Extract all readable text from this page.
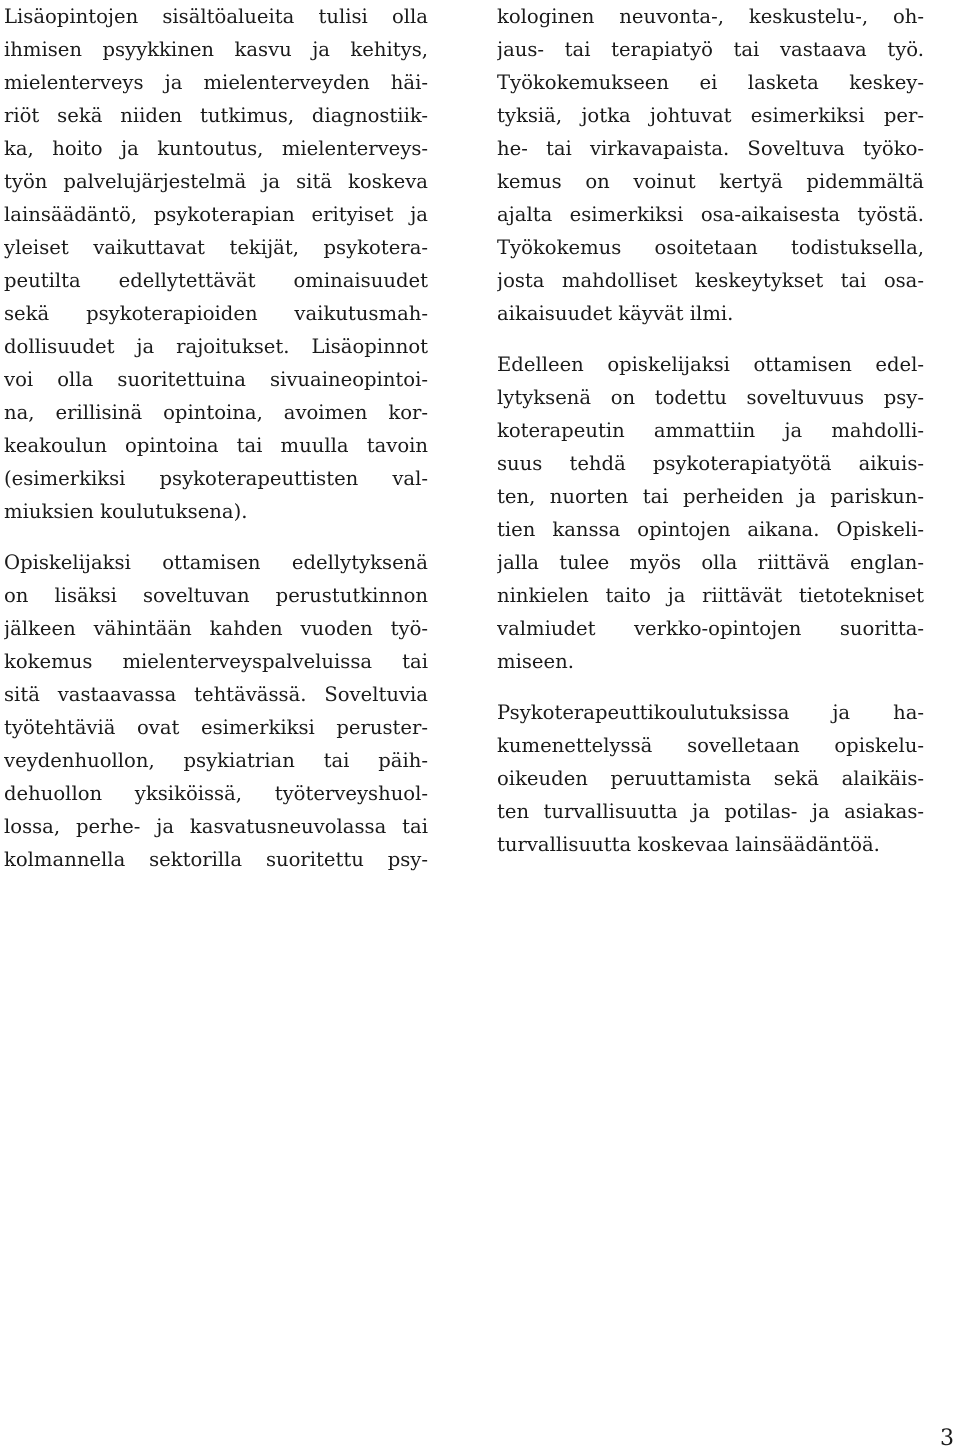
Lisäopintojen sisältöalueita tulisi olla
ihmisen psyykkinen kasvu ja kehitys,
mielenterveys ja mielenterveyden häi-
riöt sekä niiden tutkimus, diagnostiik-
ka, hoito ja kuntoutus, mielenterveys-
työn palvelujärjestelmä ja sitä koskeva
lainsäädäntö, psykoterapian erityiset ja
yleiset vaikuttavat tekijät, psykotera-
peutilta edellytettävät ominaisuudet
sekä psykoterapioiden vaikutusmah-
dollisuudet ja rajoitukset. Lisäopinnot
voi olla suoritettuina sivuaineopintoi-
na, erillisinä opintoina, avoimen kor-
keakoulun opintoina tai muulla tavoin
(esimerkiksi psykoterapeuttisten val-
miuksien koulutuksena).
Opiskelijaksi ottamisen edellytyksenä
on lisäksi soveltuvan perustutkinnon
jälkeen vähintään kahden vuoden työ-
kokemus mielenterveyspalveluissa tai
sitä vastaavassa tehtävässä. Soveltuvia
työtehtäviä ovat esimerkiksi peruster-
veydenhuollon, psykiatrian tai päih-
dehuollon yksiköissä, työterveyshuol-
lossa, perhe- ja kasvatusneuvolassa tai
kolmannella sektorilla suoritettu psy-
kologinen neuvonta-, keskustelu-, oh-
jaus- tai terapiatyö tai vastaava työ.
Työkokemukseen ei lasketa keskey-
tyksiä, jotka johtuvat esimerkiksi per-
he- tai virkavapaista. Soveltuva työko-
kemus on voinut kertyä pidemmältä
ajalta esimerkiksi osa-aikaisesta työstä.
Työkokemus osoitetaan todistuksella,
josta mahdolliset keskeytykset tai osa-
aikaisuudet käyvät ilmi.
Edelleen opiskelijaksi ottamisen edel-
lytyksenä on todettu soveltuvuus psy-
koterapeutin ammattiin ja mahdolli-
suus tehdä psykoterapiatyötä aikuis-
ten, nuorten tai perheiden ja pariskun-
tien kanssa opintojen aikana. Opiskeli-
jalla tulee myös olla riittävä englan-
ninkielen taito ja riittävät tietotekniset
valmiudet verkko-opintojen suoritta-
miseen.
Psykoterapeuttikoulutuksissa ja ha-
kumenettelyssä sovelletaan opiskelu-
oikeuden peruuttamista sekä alaikäis-
ten turvallisuutta ja potilas- ja asiakas-
turvallisuutta koskevaa lainsäädäntöä.
3
